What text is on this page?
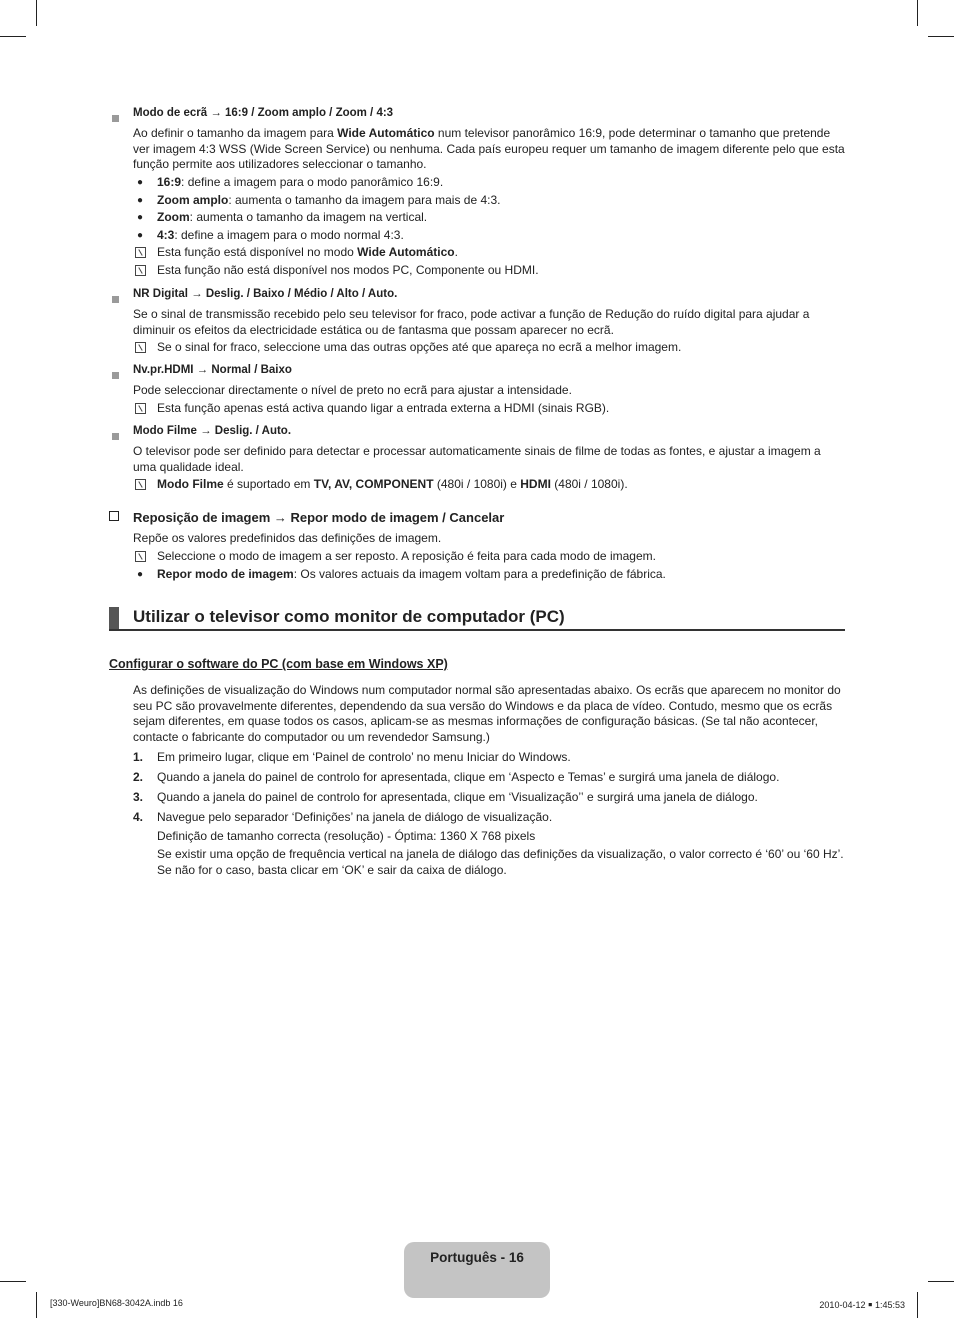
Modo de ecrã → 16:9 / Zoom amplo / Zoom / 4:3
Ao definir o tamanho da imagem para Wide Automático num televisor panorâmico 16:9, pode determinar o tamanho que pretende ver imagem 4:3 WSS (Wide Screen Service) ou nenhuma. Cada país europeu requer um tamanho de imagem diferente pelo que esta função permite aos utilizadores seleccionar o tamanho.
● 16:9: define a imagem para o modo panorâmico 16:9.
● Zoom amplo: aumenta o tamanho da imagem para mais de 4:3.
● Zoom: aumenta o tamanho da imagem na vertical.
● 4:3: define a imagem para o modo normal 4:3.
Esta função está disponível no modo Wide Automático.
Esta função não está disponível nos modos PC, Componente ou HDMI.
NR Digital → Deslig. / Baixo / Médio / Alto / Auto.
Se o sinal de transmissão recebido pelo seu televisor for fraco, pode activar a função de Redução do ruído digital para ajudar a diminuir os efeitos da electricidade estática ou de fantasma que possam aparecer no ecrã.
Se o sinal for fraco, seleccione uma das outras opções até que apareça no ecrã a melhor imagem.
Nv.pr.HDMI → Normal / Baixo
Pode seleccionar directamente o nível de preto no ecrã para ajustar a intensidade.
Esta função apenas está activa quando ligar a entrada externa a HDMI (sinais RGB).
Modo Filme → Deslig. / Auto.
O televisor pode ser definido para detectar e processar automaticamente sinais de filme de todas as fontes, e ajustar a imagem a uma qualidade ideal.
Modo Filme é suportado em TV, AV, COMPONENT (480i / 1080i) e HDMI (480i / 1080i).
Reposição de imagem → Repor modo de imagem / Cancelar
Repõe os valores predefinidos das definições de imagem.
Seleccione o modo de imagem a ser reposto. A reposição é feita para cada modo de imagem.
● Repor modo de imagem: Os valores actuais da imagem voltam para a predefinição de fábrica.
Utilizar o televisor como monitor de computador (PC)
Configurar o software do PC (com base em Windows XP)
As definições de visualização do Windows num computador normal são apresentadas abaixo. Os ecrãs que aparecem no monitor do seu PC são provavelmente diferentes, dependendo da sua versão do Windows e da placa de vídeo. Contudo, mesmo que os ecrãs sejam diferentes, em quase todos os casos, aplicam-se as mesmas informações de configuração básicas. (Se tal não acontecer, contacte o fabricante do computador ou um revendedor Samsung.)
1. Em primeiro lugar, clique em ‘Painel de controlo’ no menu Iniciar do Windows.
2. Quando a janela do painel de controlo for apresentada, clique em ‘Aspecto e Temas’ e surgirá uma janela de diálogo.
3. Quando a janela do painel de controlo for apresentada, clique em ‘Visualização’‛ e surgirá uma janela de diálogo.
4. Navegue pelo separador ‘Definições’ na janela de diálogo de visualização.
Definição de tamanho correcta (resolução) - Óptima: 1360 X 768 pixels
Se existir uma opção de frequência vertical na janela de diálogo das definições da visualização, o valor correcto é ‘60’ ou ‘60 Hz’. Se não for o caso, basta clicar em ‘OK’ e sair da caixa de diálogo.
Português - 16
[330-Weuro]BN68-3042A.indb 16	2010-04-12 ￭ 1:45:53
